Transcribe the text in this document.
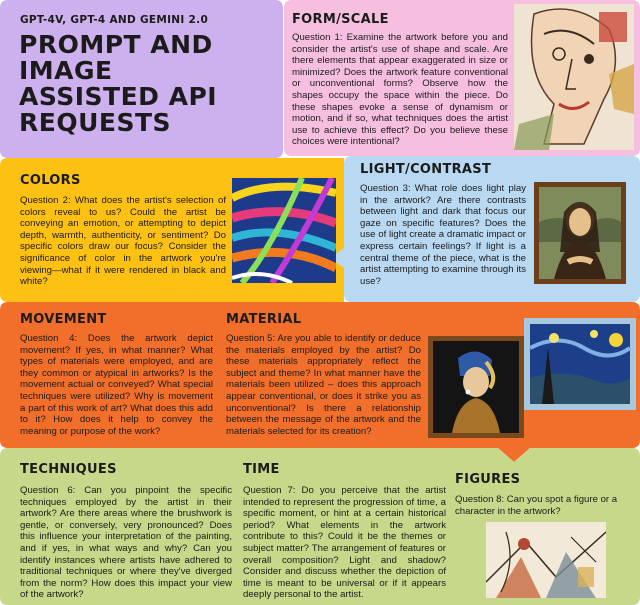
GPT-4V, GPT-4 AND GEMINI 2.0
PROMPT AND
IMAGE
ASSISTED API
REQUESTS
FORM/SCALE
Question 1: Examine the artwork before you and consider the artist's use of shape and scale. Are there elements that appear exaggerated in size or minimized? Does the artwork feature conventional or unconventional forms? Observe how the shapes occupy the space within the piece. Do these shapes evoke a sense of dynamism or motion, and if so, what techniques does the artist use to achieve this effect? Do you believe these choices were intentional?
COLORS
Question 2: What does the artist's selection of colors reveal to us? Could the artist be conveying an emotion, or attempting to depict depth, warmth, authenticity, or sentiment? Do specific colors draw our focus? Consider the significance of color in the artwork you're viewing—what if it were rendered in black and white?
LIGHT/CONTRAST
Question 3: What role does light play in the artwork? Are there contrasts between light and dark that focus our gaze on specific features? Does the use of light create a dramatic impact or express certain feelings? If light is a central theme of the piece, what is the artist attempting to examine through its use?
MOVEMENT
Question 4: Does the artwork depict movement? If yes, in what manner? What types of materials were employed, and are they common or atypical in artworks? Is the movement actual or conveyed? What special techniques were utilized? Why is movement a part of this work of art? What does this add to it? How does it help to convey the meaning or purpose of the work?
MATERIAL
Question 5: Are you able to identify or deduce the materials employed by the artist? Do these materials appropriately reflect the subject and theme? In what manner have the materials been utilized – does this approach appear conventional, or does it strike you as unconventional? Is there a relationship between the message of the artwork and the materials selected for its creation?
TECHNIQUES
Question 6: Can you pinpoint the specific techniques employed by the artist in their artwork? Are there areas where the brushwork is gentle, or conversely, very pronounced? Does this influence your interpretation of the painting, and if yes, in what ways and why? Can you identify instances where artists have adhered to traditional techniques or where they've diverged from the norm? How does this impact your view of the artwork?
TIME
Question 7: Do you perceive that the artist intended to represent the progression of time, a specific moment, or hint at a certain historical period? What elements in the artwork contribute to this? Could it be the themes or subject matter? The arrangement of features or overall composition? Light and shadow? Consider and discuss whether the depiction of time is meant to be universal or if it appears deeply personal to the artist.
FIGURES
Question 8: Can you spot a figure or a character in the artwork?
